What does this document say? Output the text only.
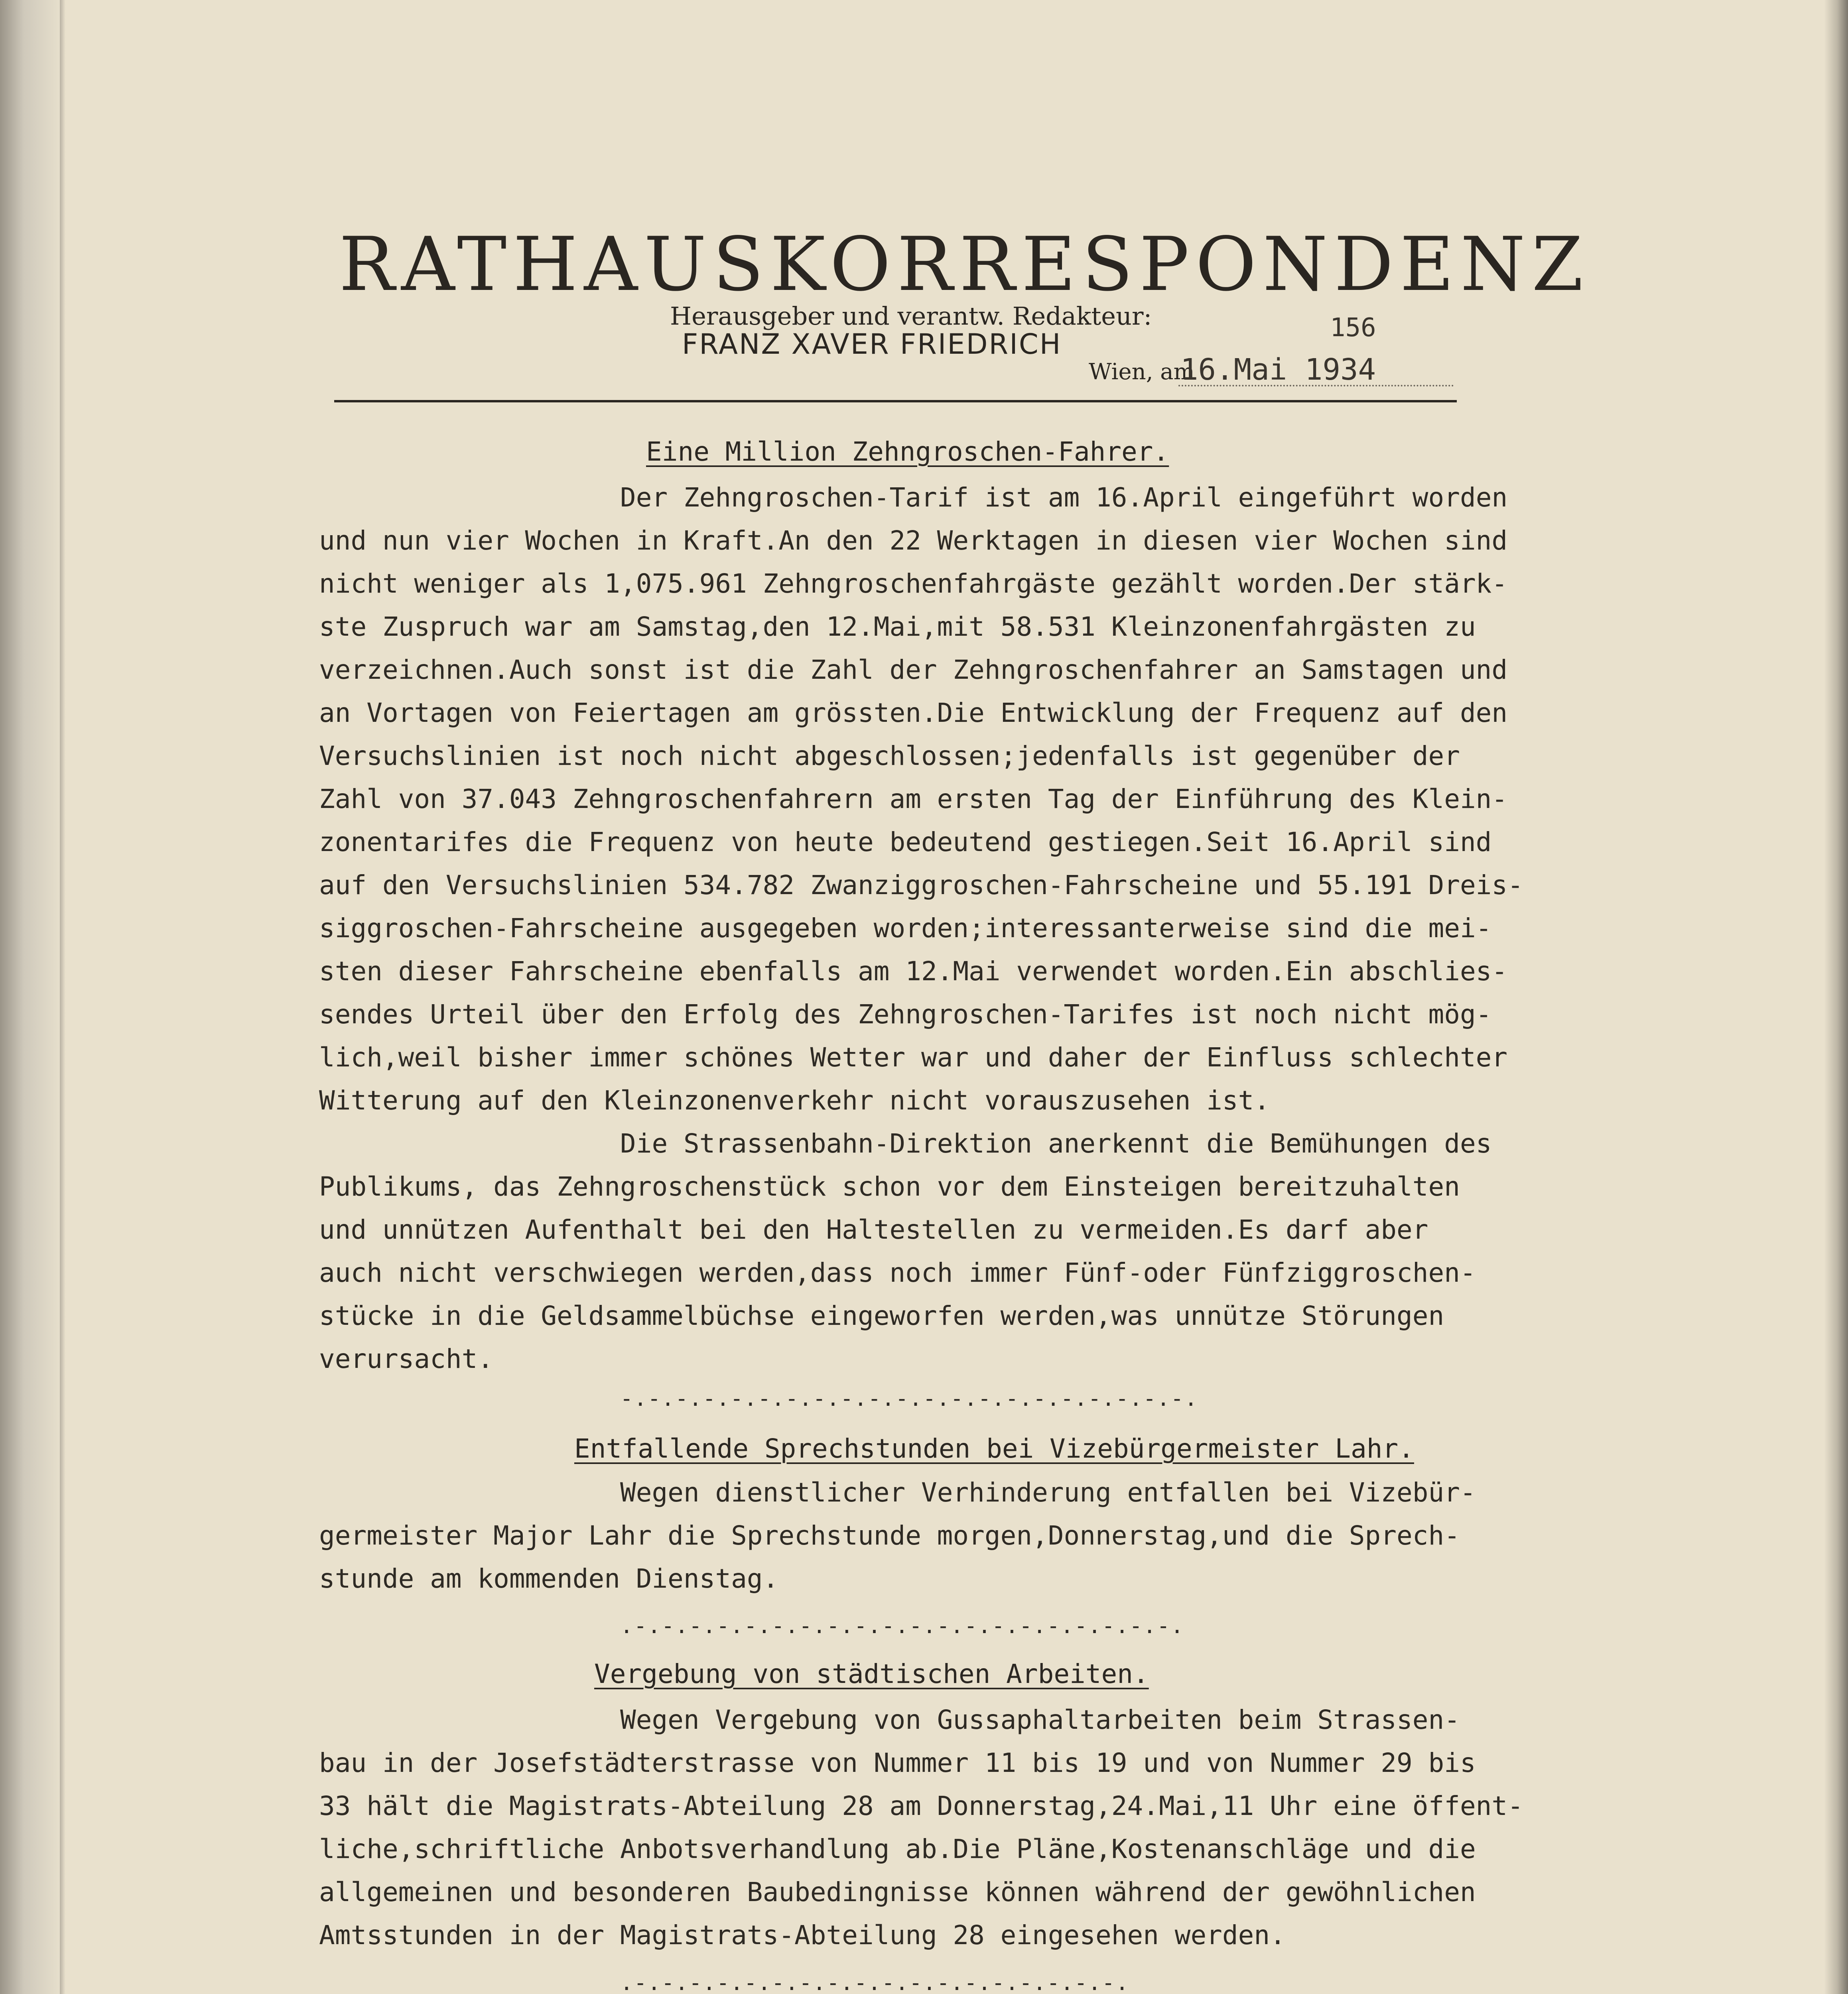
RATHAUSKORRESPONDENZ
Herausgeber und verantw. Redakteur:
FRANZ XAVER FRIEDRICH	156
Wien, am
16.Mai 1934
Eine Million Zehngroschen-Fahrer.
Der Zehngroschen-Tarif ist am 16.April eingeführt worden
und nun vier Wochen in Kraft.An den 22 Werktagen in diesen vier Wochen sind
nicht weniger als 1,075.961 Zehngroschenfahrgäste gezählt worden.Der stärk-
ste Zuspruch war am Samstag,den 12.Mai,mit 58.531 Kleinzonenfahrgästen zu
verzeichnen.Auch sonst ist die Zahl der Zehngroschenfahrer an Samstagen und
an Vortagen von Feiertagen am grössten.Die Entwicklung der Frequenz auf den
Versuchslinien ist noch nicht abgeschlossen;jedenfalls ist gegenüber der
Zahl von 37.043 Zehngroschenfahrern am ersten Tag der Einführung des Klein-
zonentarifes die Frequenz von heute bedeutend gestiegen.Seit 16.April sind
auf den Versuchslinien 534.782 Zwanziggroschen-Fahrscheine und 55.191 Dreis-
siggroschen-Fahrscheine ausgegeben worden;interessanterweise sind die mei-
sten dieser Fahrscheine ebenfalls am 12.Mai verwendet worden.Ein abschlies-
sendes Urteil über den Erfolg des Zehngroschen-Tarifes ist noch nicht mög-
lich,weil bisher immer schönes Wetter war und daher der Einfluss schlechter
Witterung auf den Kleinzonenverkehr nicht vorauszusehen ist.
Die Strassenbahn-Direktion anerkennt die Bemühungen des
Publikums, das Zehngroschenstück schon vor dem Einsteigen bereitzuhalten
und unnützen Aufenthalt bei den Haltestellen zu vermeiden.Es darf aber
auch nicht verschwiegen werden,dass noch immer Fünf-oder Fünfziggroschen-
stücke in die Geldsammelbüchse eingeworfen werden,was unnütze Störungen
verursacht.
-.-.-.-.-.-.-.-.-.-.-.-.-.-.-.-.-.-.-.-.-.
Entfallende Sprechstunden bei Vizebürgermeister Lahr.
Wegen dienstlicher Verhinderung entfallen bei Vizebür-
germeister Major Lahr die Sprechstunde morgen,Donnerstag,und die Sprech-
stunde am kommenden Dienstag.
.-.-.-.-.-.-.-.-.-.-.-.-.-.-.-.-.-.-.-.-.
Vergebung von städtischen Arbeiten.
Wegen Vergebung von Gussaphaltarbeiten beim Strassen-
bau in der Josefstädterstrasse von Nummer 11 bis 19 und von Nummer 29 bis
33 hält die Magistrats-Abteilung 28 am Donnerstag,24.Mai,11 Uhr eine öffent-
liche,schriftliche Anbotsverhandlung ab.Die Pläne,Kostenanschläge und die
allgemeinen und besonderen Baubedingnisse können während der gewöhnlichen
Amtsstunden in der Magistrats-Abteilung 28 eingesehen werden.
.-.-.-.-.-.-.-.-.-.-.-.-.-.-.-.-.-.-.
